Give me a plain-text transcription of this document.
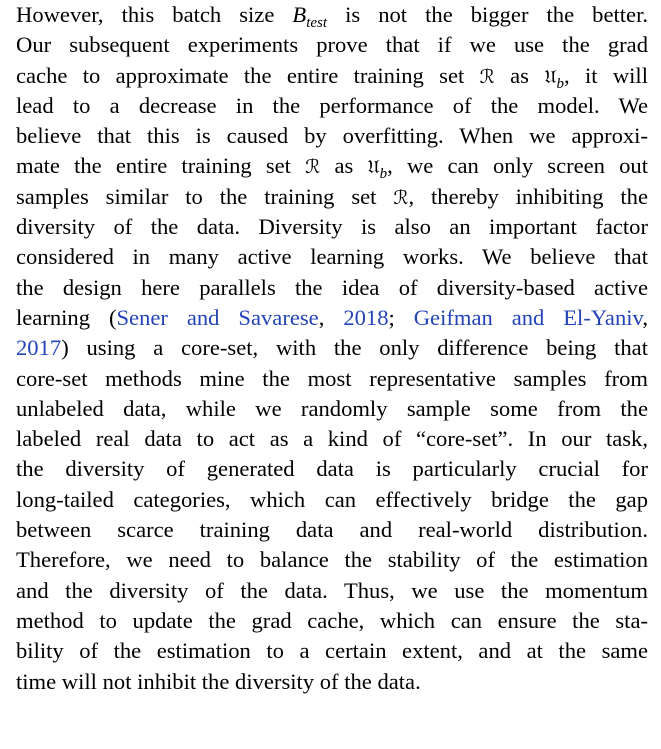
However, this batch size $B_{test}$ is not the bigger the better.
Our subsequent experiments prove that if we use the grad
cache to approximate the entire training set ℛ as 𝔘$_b$, it will
lead to a decrease in the performance of the model. We
believe that this is caused by overfitting. When we approxi-
mate the entire training set ℛ as 𝔘$_b$, we can only screen out
samples similar to the training set ℛ, thereby inhibiting the
diversity of the data. Diversity is also an important factor
considered in many active learning works. We believe that
the design here parallels the idea of diversity-based active
learning (Sener and Savarese, 2018; Geifman and El-Yaniv,
2017) using a core-set, with the only difference being that
core-set methods mine the most representative samples from
unlabeled data, while we randomly sample some from the
labeled real data to act as a kind of “core-set”. In our task,
the diversity of generated data is particularly crucial for
long-tailed categories, which can effectively bridge the gap
between scarce training data and real-world distribution.
Therefore, we need to balance the stability of the estimation
and the diversity of the data. Thus, we use the momentum
method to update the grad cache, which can ensure the sta-
bility of the estimation to a certain extent, and at the same
time will not inhibit the diversity of the data.
